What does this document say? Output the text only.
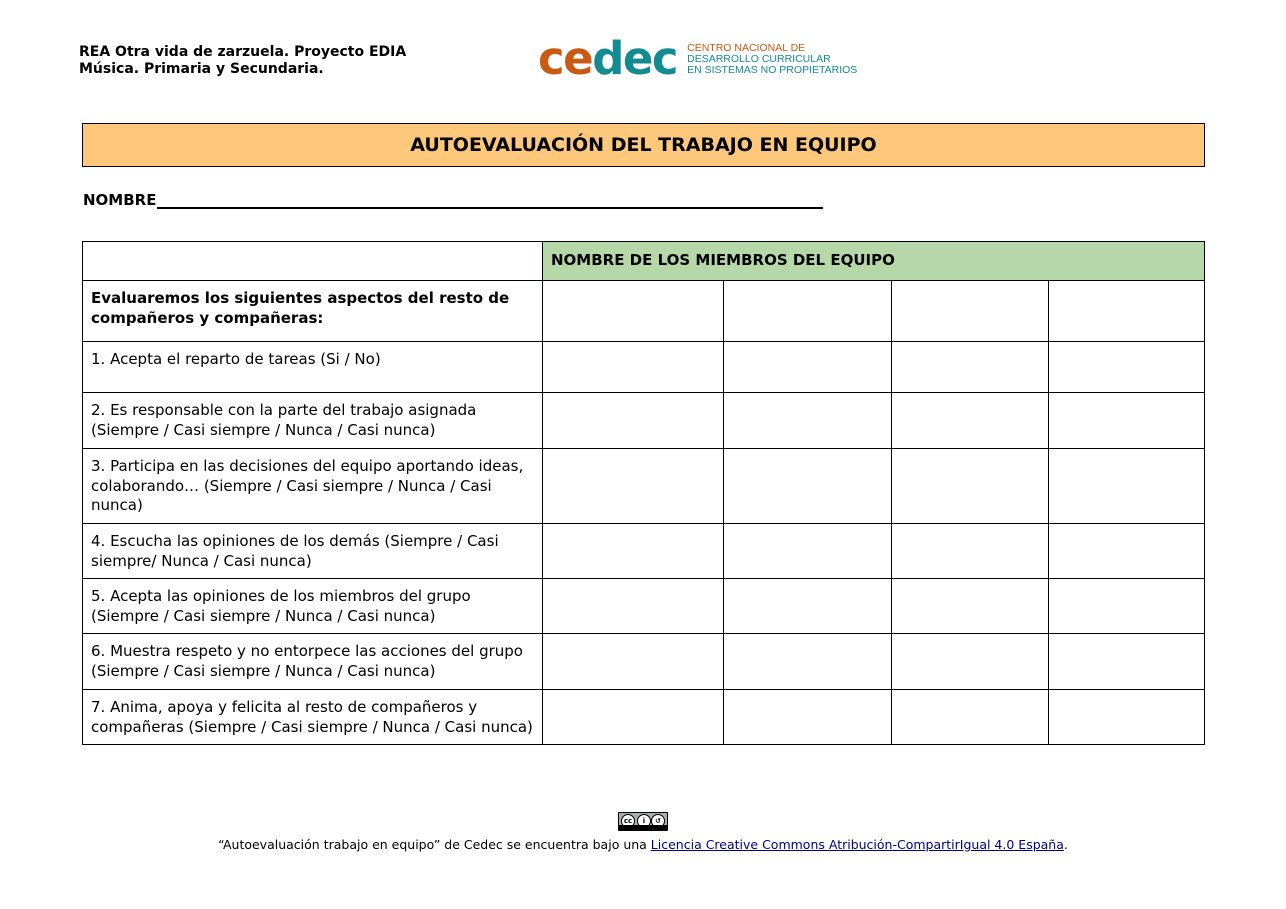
REA Otra vida de zarzuela. Proyecto EDIA
Música. Primaria y Secundaria.	cedec CENTRO NACIONAL DE
DESARROLLO CURRICULAR
EN SISTEMAS NO PROPIETARIOS
AUTOEVALUACIÓN DEL TRABAJO EN EQUIPO
NOMBRE

	NOMBRE DE LOS MIEMBROS DEL EQUIPO			

Evaluaremos los siguientes aspectos del resto de compañeros y compañeras:				

1. Acepta el reparto de tareas (Si / No)				

2. Es responsable con la parte del trabajo asignada (Siempre / Casi siempre / Nunca / Casi nunca)				

3. Participa en las decisiones del equipo aportando ideas, colaborando… (Siempre / Casi siempre / Nunca / Casi nunca)				

4. Escucha las opiniones de los demás (Siempre / Casi siempre/ Nunca / Casi nunca)				

5. Acepta las opiniones de los miembros del grupo (Siempre / Casi siempre / Nunca / Casi nunca)				

6. Muestra respeto y no entorpece las acciones del grupo (Siempre / Casi siempre / Nunca / Casi nunca)				

7. Anima, apoya y felicita al resto de compañeros y compañeras (Siempre / Casi siempre / Nunca / Casi nunca)				

cc	i	↺
“Autoevaluación trabajo en equipo” de Cedec se encuentra bajo una Licencia Creative Commons Atribución-CompartirIgual 4.0 España.
